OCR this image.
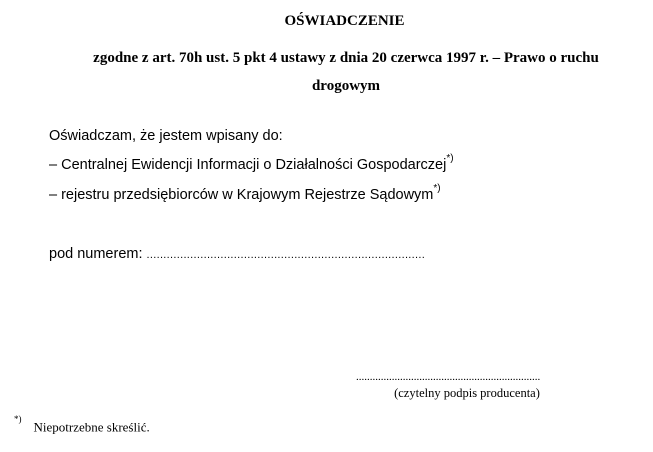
OŚWIADCZENIE

zgodne z art. 70h ust. 5 pkt 4 ustawy z dnia 20 czerwca 1997 r. – Prawo o ruchu drogowym

Oświadczam, że jestem wpisany do:

– Centralnej Ewidencji Informacji o Działalności Gospodarczej*)

– rejestru przedsiębiorców w Krajowym Rejestrze Sądowym*)

pod numerem: ...................................................................................

...................................................................

(czytelny podpis producenta)

*)Niepotrzebne skreślić.
